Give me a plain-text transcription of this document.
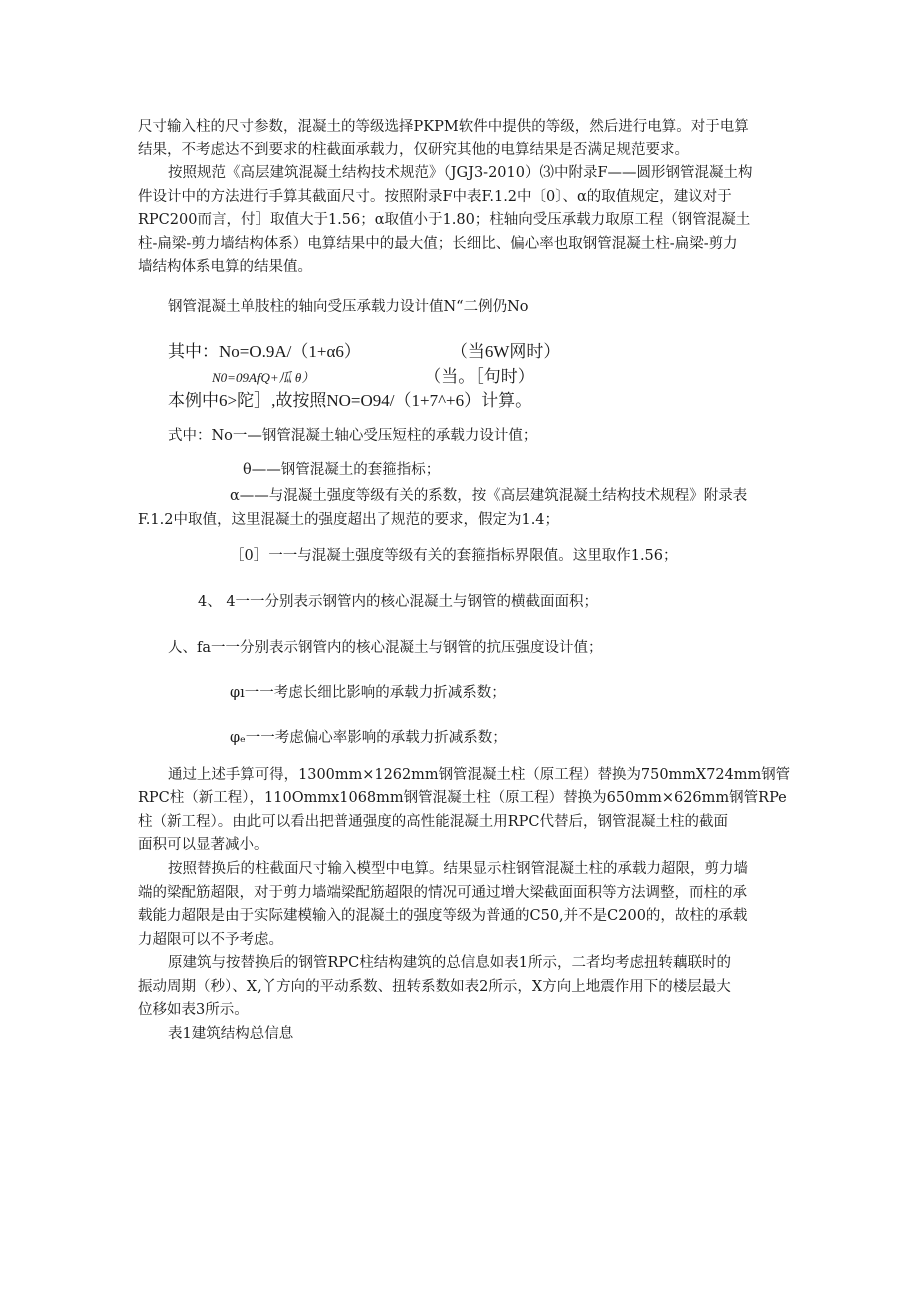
尺寸输入柱的尺寸参数，混凝土的等级选择PKPM软件中提供的等级，然后进行电算。对于电算
结果，不考虑达不到要求的柱截面承载力，仅研究其他的电算结果是否满足规范要求。
按照规范《高层建筑混凝土结构技术规范》（JGJ3-2010）⑶中附录F——圆形钢管混凝土构
件设计中的方法进行手算其截面尺寸。按照附录F中表F.1.2中〔0〕、α的取值规定，建议对于
RPC200而言，付］取值大于1.56；α取值小于1.80；柱轴向受压承载力取原工程（钢管混凝土
柱-扁梁-剪力墙结构体系）电算结果中的最大值；长细比、偏心率也取钢管混凝土柱-扁梁-剪力
墙结构体系电算的结果值。
钢管混凝土单肢柱的轴向受压承载力设计值N“二例仍No
其中：No=O.9A/（1+α6）	（当6W网时）
N0=09AfQ+瓜 θ）	（当。［句时）
本例中6>陀］,故按照NO=O94/（1+7^+6）计算。
式中：No一—钢管混凝土轴心受压短柱的承载力设计值；
θ——钢管混凝土的套箍指标；
α——与混凝土强度等级有关的系数，按《高层建筑混凝土结构技术规程》附录表
F.1.2中取值，这里混凝土的强度超出了规范的要求，假定为1.4；
［0］一一与混凝土强度等级有关的套箍指标界限值。这里取作1.56；
4、 4一一分别表示钢管内的核心混凝土与钢管的横截面面积；
人、fa一一分别表示钢管内的核心混凝土与钢管的抗压强度设计值；
φı一一考虑长细比影响的承载力折减系数；
φₑ一一考虑偏心率影响的承载力折减系数；
通过上述手算可得，1300mm×1262mm钢管混凝土柱（原工程）替换为750mmX724mm钢管
RPC柱（新工程），110Ommx1068mm钢管混凝土柱（原工程）替换为650mm×626mm钢管RPe
柱（新工程）。由此可以看出把普通强度的高性能混凝土用RPC代替后，钢管混凝土柱的截面
面积可以显著减小。
按照替换后的柱截面尺寸输入模型中电算。结果显示柱钢管混凝土柱的承载力超限，剪力墙
端的梁配筋超限，对于剪力墙端梁配筋超限的情况可通过增大梁截面面积等方法调整，而柱的承
载能力超限是由于实际建模输入的混凝土的强度等级为普通的C50,并不是C200的，故柱的承载
力超限可以不予考虑。
原建筑与按替换后的钢管RPC柱结构建筑的总信息如表1所示，二者均考虑扭转藕联时的
振动周期（秒）、X,丫方向的平动系数、扭转系数如表2所示，X方向上地震作用下的楼层最大
位移如表3所示。
表1建筑结构总信息
